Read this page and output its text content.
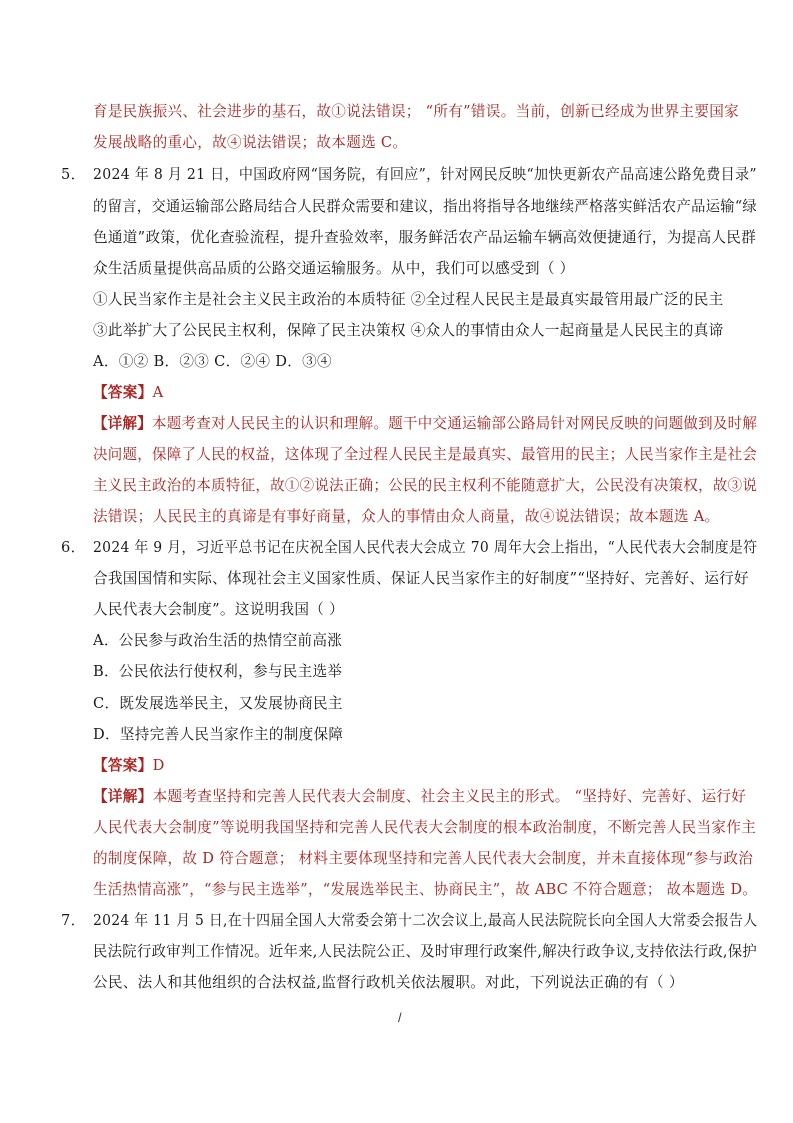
育是民族振兴、社会进步的基石，故①说法错误； “所有”错误。当前，创新已经成为世界主要国家
发展战略的重心，故④说法错误；故本题选 C。
5． 2024 年 8 月 21 日，中国政府网“国务院，有回应”，针对网民反映“加快更新农产品高速公路免费目录”
的留言，交通运输部公路局结合人民群众需要和建议，指出将指导各地继续严格落实鲜活农产品运输“绿
色通道”政策，优化查验流程，提升查验效率，服务鲜活农产品运输车辆高效便捷通行，为提高人民群
众生活质量提供高品质的公路交通运输服务。从中，我们可以感受到（ ）
①人民当家作主是社会主义民主政治的本质特征 ②全过程人民民主是最真实最管用最广泛的民主
③此举扩大了公民民主权利，保障了民主决策权 ④众人的事情由众人一起商量是人民民主的真谛
A．①② B．②③ C．②④ D．③④
【答案】A
【详解】本题考查对人民民主的认识和理解。题干中交通运输部公路局针对网民反映的问题做到及时解
决问题，保障了人民的权益，这体现了全过程人民民主是最真实、最管用的民主；人民当家作主是社会
主义民主政治的本质特征，故①②说法正确；公民的民主权利不能随意扩大，公民没有决策权，故③说
法错误；人民民主的真谛是有事好商量，众人的事情由众人商量，故④说法错误；故本题选 A。
6． 2024 年 9 月，习近平总书记在庆祝全国人民代表大会成立 70 周年大会上指出，“人民代表大会制度是符
合我国国情和实际、体现社会主义国家性质、保证人民当家作主的好制度”“坚持好、完善好、运行好
人民代表大会制度”。这说明我国（ ）
A．公民参与政治生活的热情空前高涨
B．公民依法行使权利，参与民主选举
C．既发展选举民主，又发展协商民主
D．坚持完善人民当家作主的制度保障
【答案】D
【详解】本题考查坚持和完善人民代表大会制度、社会主义民主的形式。 “坚持好、完善好、运行好
人民代表大会制度”等说明我国坚持和完善人民代表大会制度的根本政治制度，不断完善人民当家作主
的制度保障，故 D 符合题意； 材料主要体现坚持和完善人民代表大会制度，并未直接体现“参与政治
生活热情高涨”，“参与民主选举”，“发展选举民主、协商民主”，故 ABC 不符合题意； 故本题选 D。
7． 2024 年 11 月 5 日,在十四届全国人大常委会第十二次会议上,最高人民法院院长向全国人大常委会报告人
民法院行政审判工作情况。近年来,人民法院公正、及时审理行政案件,解决行政争议,支持依法行政,保护
公民、法人和其他组织的合法权益,监督行政机关依法履职。对此，下列说法正确的有（ ）
/
